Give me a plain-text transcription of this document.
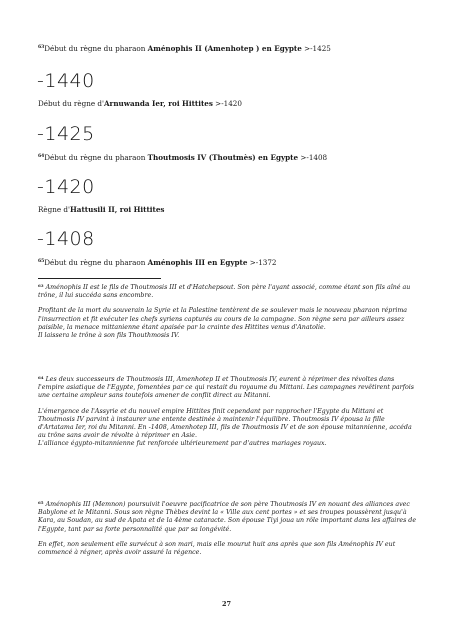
$^{63}$Début du règne du pharaon Aménophis II (Amenhotep ) en Egypte >-1425
-1440
Début du règne d'Arnuwanda Ier, roi Hittites >-1420
-1425
$^{64}$Début du règne du pharaon Thoutmosis IV (Thoutmès) en Egypte >-1408
-1420
Règne d'Hattusili II, roi Hittites
-1408
$^{65}$Début du règne du pharaon Aménophis III en Egypte >-1372

$^{63}$ Aménophis II est le fils de Thoutmosis III et d'Hatchepsout. Son père l'ayant associé, comme étant son fils aîné au trône, il lui succéda sans encombre.

Profitant de la mort du souverain la Syrie et la Palestine tentèrent de se soulever mais le nouveau pharaon réprima l'insurrection et fit exécuter les chefs syriens capturés au cours de la campagne. Son règne sera par ailleurs assez paisible, la menace mittanienne étant apaisée par la crainte des Hittites venus d'Anatolie.
Il laissera le trône à son fils Thouthmosis IV.

$^{64}$ Les deux successeurs de Thoutmosis III, Amenhotep II et Thoutmosis IV, eurent à réprimer des révoltes dans l'empire asiatique de l'Egypte, fomentées par ce qui restait du royaume du Mittani. Les campagnes revêtirent parfois une certaine ampleur sans toutefois amener de conflit direct au Mitanni.

L'émergence de l'Assyrie et du nouvel empire Hittites finit cependant par rapprocher l'Egypte du Mittani et Thoutmosis IV parvint à instaurer une entente destinée à maintenir l'équilibre. Thoutmosis IV épousa la fille d'Artatama Ier, roi du Mitanni. En -1408, Amenhotep III, fils de Thoutmosis IV et de son épouse mitannienne, accéda au trône sans avoir de révolte à réprimer en Asie.
L'alliance égypto-mitannienne fut renforcée ultérieurement par d'autres mariages royaux.

$^{65}$ Aménophis III (Memnon) poursuivit l'oeuvre pacificatrice de son père Thoutmosis IV en nouant des alliances avec Babylone et le Mitanni. Sous son règne Thèbes devint la « Ville aux cent portes » et ses troupes poussèrent jusqu'à Kara, au Soudan, au sud de Apata et de la 4ème cataracte. Son épouse Tiyi joua un rôle important dans les affaires de l'Egypte, tant par sa forte personnalité que par sa longévité.

En effet, non seulement elle survécut à son mari, mais elle mourut huit ans après que son fils Aménophis IV eut commencé à régner, après avoir assuré la régence.

27
